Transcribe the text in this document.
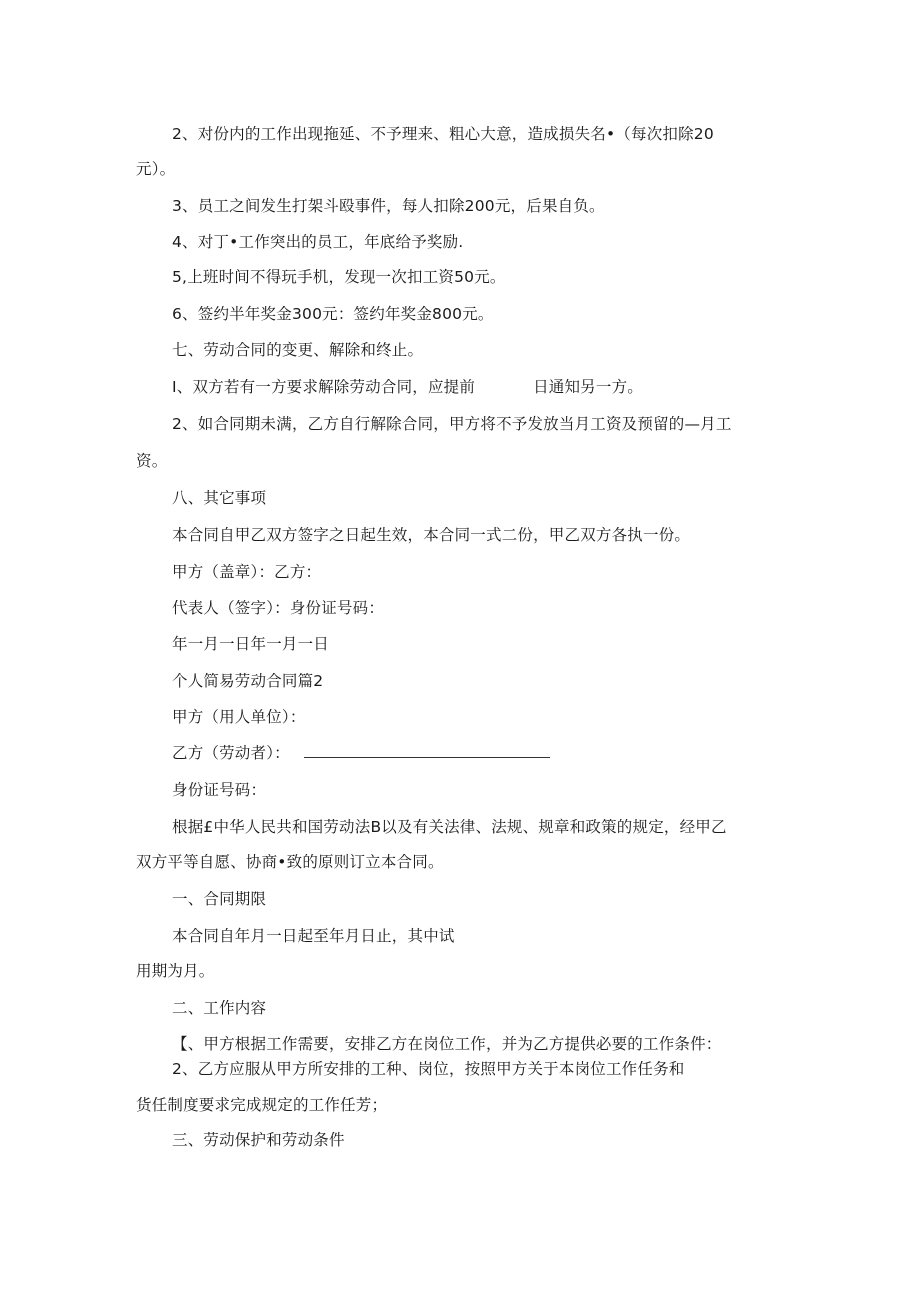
2、对份内的工作出现拖延、不予理来、粗心大意，造成损失名•（每次扣除20
元）。
3、员工之间发生打架斗殴事件，每人扣除200元，后果自负。
4、对丁•工作突出的员工，年底给予奖励.
5,上班时间不得玩手机，发现一次扣工资50元。
6、签约半年奖金300元：签约年奖金800元。
七、劳动合同的变更、解除和终止。
I、双方若有一方要求解除劳动合同，应提前	日通知另一方。
2、如合同期未满，乙方自行解除合同，甲方将不予发放当月工资及预留的—月工
资。
八、其它事项
本合同自甲乙双方签字之日起生效，本合同一式二份，甲乙双方各执一份。
甲方（盖章）：乙方：
代表人（签字）：身份证号码：
年一月一日年一月一日
个人简易劳动合同篇2
甲方（用人单位）：
乙方（劳动者）：
身份证号码：
根据£中华人民共和国劳动法B以及有关法律、法规、规章和政策的规定，经甲乙
双方平等自愿、协商•致的原则订立本合同。
一、合同期限
本合同自年月一日起至年月日止，其中试
用期为月。
二、工作内容
【、甲方根据工作需要，安排乙方在岗位工作，并为乙方提供必要的工作条件：
2、乙方应服从甲方所安排的工种、岗位，按照甲方关于本岗位工作任务和
货任制度要求完成规定的工作任芳；
三、劳动保护和劳动条件
